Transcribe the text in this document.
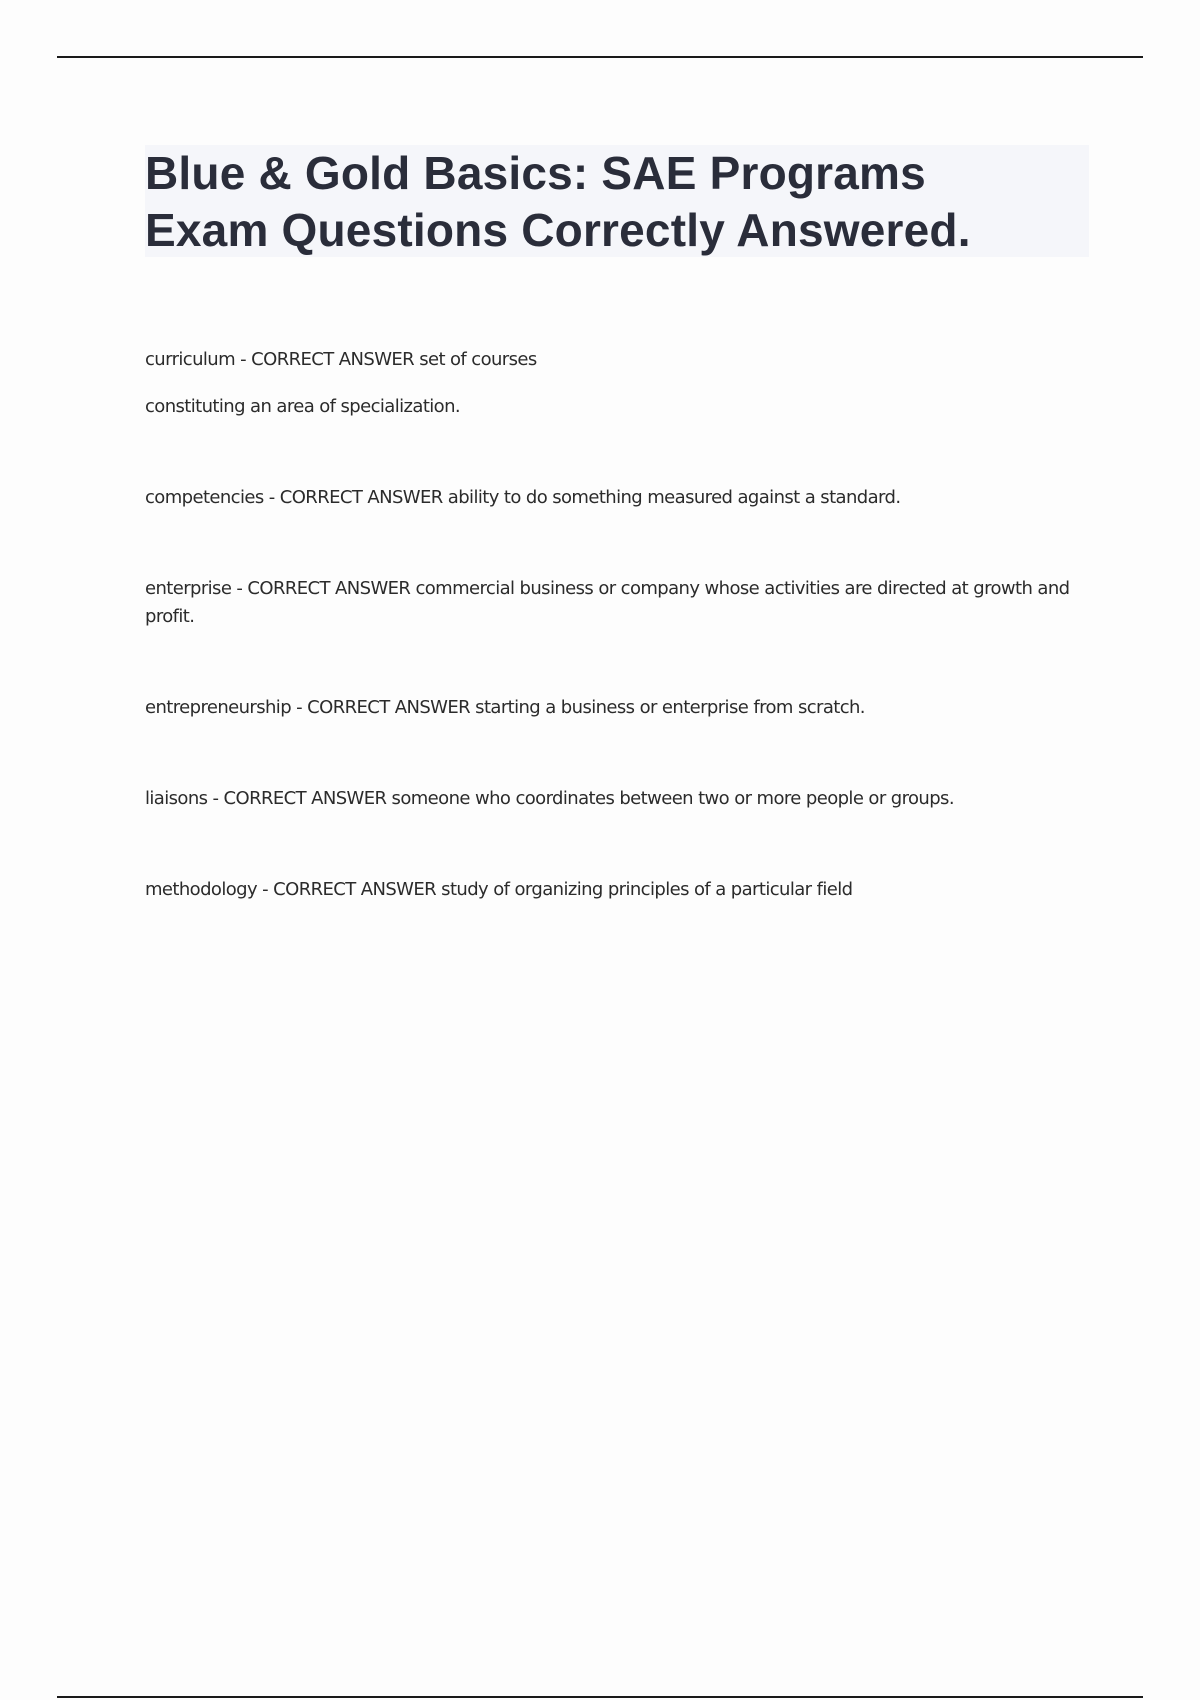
Blue & Gold Basics: SAE Programs
Exam Questions Correctly Answered.

curriculum - CORRECT ANSWER set of courses

constituting an area of specialization.

competencies - CORRECT ANSWER ability to do something measured against a standard.

enterprise - CORRECT ANSWER commercial business or company whose activities are directed at growth and profit.

entrepreneurship - CORRECT ANSWER starting a business or enterprise from scratch.

liaisons - CORRECT ANSWER someone who coordinates between two or more people or groups.

methodology - CORRECT ANSWER study of organizing principles of a particular field
